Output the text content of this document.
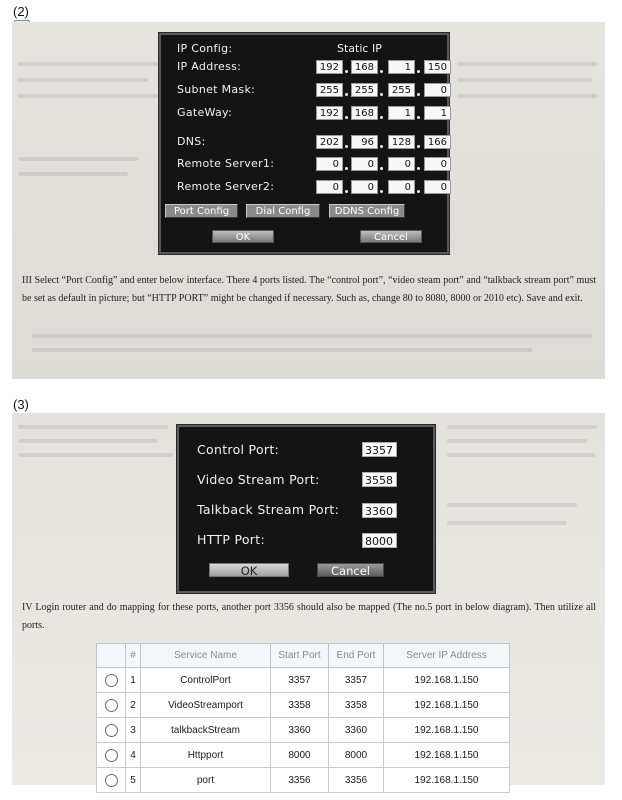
(2)
IP Config:	Static IP
IP Address:	192	168	1	150
Subnet Mask:	255	255	255	0
GateWay:	192	168	1	1
DNS:	202	96	128	166
Remote Server1:	0	0	0	0
Remote Server2:	0	0	0	0
Port Config	Dial Config	DDNS Config
OK	Cancel
III Select “Port Config” and enter below interface. There 4 ports listed. The “control port”, “video steam port” and “talkback stream port” must be set as default in picture; but “HTTP PORT” might be changed if necessary. Such as, change 80 to 8080, 8000 or 2010 etc). Save and exit.
(3)
Control Port:	3357
Video Stream Port:	3558
Talkback Stream Port: 3360
HTTP Port:	8000
OK	Cancel
IV Login router and do mapping for these ports, another port 3356 should also be mapped (The no.5 port in below diagram). Then utilize all ports.
	#	Service Name	Start Port	End Port	Server IP Address
	1	ControlPort	3357	3357	192.168.1.150
	2	VideoStreamport	3358	3358	192.168.1.150
	3	talkbackStream	3360	3360	192.168.1.150
	4	Httpport	8000	8000	192.168.1.150
	5	port	3356	3356	192.168.1.150
